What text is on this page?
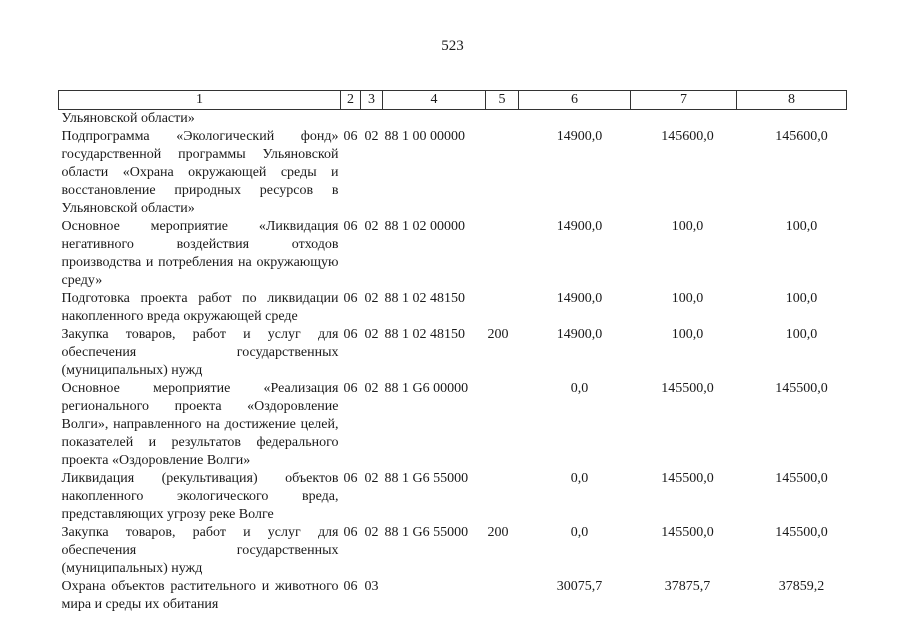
523
1	2	3	4	5	6	7	8
Ульяновской области»							
Подпрограмма «Экологический фонд» государственной программы Ульяновской области «Охрана окружающей среды и восстановление природных ресурсов в Ульяновской области»	06	02	88 1 00 00000		14900,0	145600,0	145600,0
Основное мероприятие «Ликвидация негативного воздействия отходов производства и потребления на окружающую среду»	06	02	88 1 02 00000		14900,0	100,0	100,0
Подготовка проекта работ по ликвидации накопленного вреда окружающей среде	06	02	88 1 02 48150		14900,0	100,0	100,0
Закупка товаров, работ и услуг для обеспечения государственных (муниципальных) нужд	06	02	88 1 02 48150	200	14900,0	100,0	100,0
Основное мероприятие «Реализация регионального проекта «Оздоровление Волги», направленного на достижение целей, показателей и результатов федерального проекта «Оздоровление Волги»	06	02	88 1 G6 00000		0,0	145500,0	145500,0
Ликвидация (рекультивация) объектов накопленного экологического вреда, представляющих угрозу реке Волге	06	02	88 1 G6 55000		0,0	145500,0	145500,0
Закупка товаров, работ и услуг для обеспечения государственных (муниципальных) нужд	06	02	88 1 G6 55000	200	0,0	145500,0	145500,0
Охрана объектов растительного и животного мира и среды их обитания	06	03			30075,7	37875,7	37859,2
